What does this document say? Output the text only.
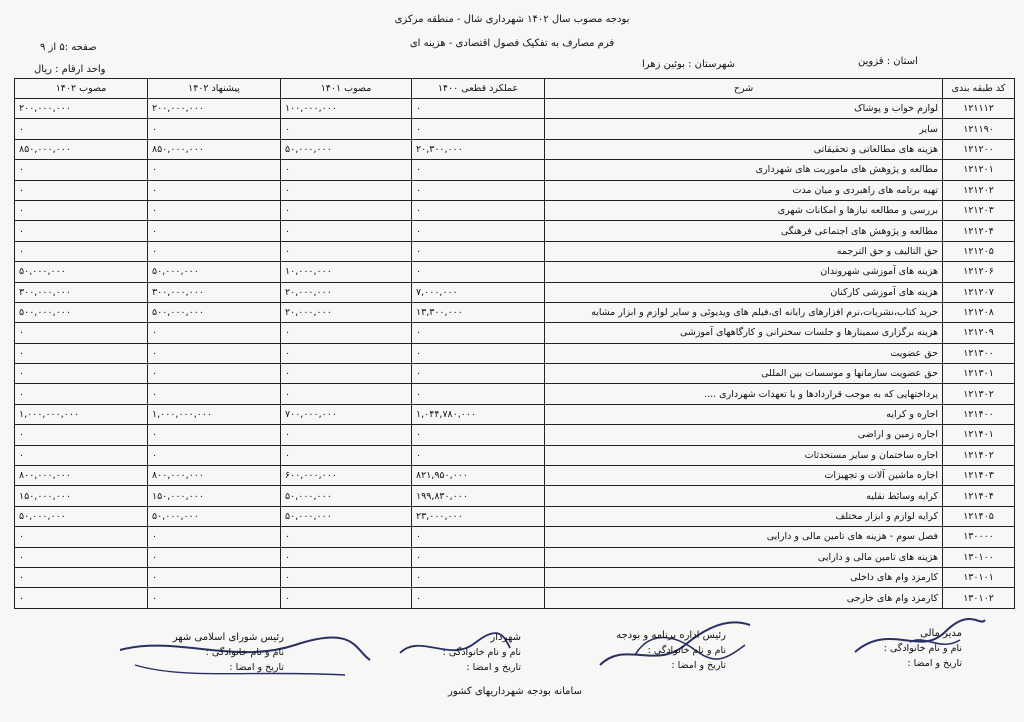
بودجه مصوب سال ۱۴۰۲ شهرداری شال - منطقه مرکزی
فرم مصارف به تفکیک فصول اقتصادی - هزینه ای
صفحه :۵ از ۹
واحد ارقام : ریال
استان : قزوین
شهرستان : بوئین زهرا
کد طبقه بندی	شرح	عملکرد قطعی ۱۴۰۰	مصوب ۱۴۰۱	پیشنهاد ۱۴۰۲	مصوب ۱۴۰۲
۱۲۱۱۱۲	لوازم خواب و پوشاک	۰	۱۰۰,۰۰۰,۰۰۰	۲۰۰,۰۰۰,۰۰۰	۲۰۰,۰۰۰,۰۰۰
۱۲۱۱۹۰	سایر	۰	۰	۰	۰
۱۲۱۲۰۰	هزینه های مطالعاتی و تحقیقاتی	۲۰,۳۰۰,۰۰۰	۵۰,۰۰۰,۰۰۰	۸۵۰,۰۰۰,۰۰۰	۸۵۰,۰۰۰,۰۰۰
۱۲۱۲۰۱	مطالعه و پژوهش های ماموریت های شهرداری	۰	۰	۰	۰
۱۲۱۲۰۲	تهیه برنامه های راهبردی و میان مدت	۰	۰	۰	۰
۱۲۱۲۰۳	بررسی و مطالعه نیازها و امکانات شهری	۰	۰	۰	۰
۱۲۱۲۰۴	مطالعه و پژوهش های اجتماعی فرهنگی	۰	۰	۰	۰
۱۲۱۲۰۵	حق التالیف و حق الترجمه	۰	۰	۰	۰
۱۲۱۲۰۶	هزینه های آموزشی شهروندان	۰	۱۰,۰۰۰,۰۰۰	۵۰,۰۰۰,۰۰۰	۵۰,۰۰۰,۰۰۰
۱۲۱۲۰۷	هزینه های آموزشی کارکنان	۷,۰۰۰,۰۰۰	۲۰,۰۰۰,۰۰۰	۳۰۰,۰۰۰,۰۰۰	۳۰۰,۰۰۰,۰۰۰
۱۲۱۲۰۸	خرید کتاب،نشریات،نرم افزارهای رایانه ای،فیلم های ویدیوئی و سایر لوازم و ابزار مشابه	۱۳,۳۰۰,۰۰۰	۲۰,۰۰۰,۰۰۰	۵۰۰,۰۰۰,۰۰۰	۵۰۰,۰۰۰,۰۰۰
۱۲۱۲۰۹	هزینه برگزاری سمینارها و جلسات سخنرانی و کارگاههای آموزشی	۰	۰	۰	۰
۱۲۱۳۰۰	حق عضویت	۰	۰	۰	۰
۱۲۱۳۰۱	حق عضویت سازمانها و موسسات بین المللی	۰	۰	۰	۰
۱۲۱۳۰۲	پرداختهایی که به موجب قراردادها و یا تعهدات شهرداری ....	۰	۰	۰	۰
۱۲۱۴۰۰	اجاره و کرایه	۱,۰۴۴,۷۸۰,۰۰۰	۷۰۰,۰۰۰,۰۰۰	۱,۰۰۰,۰۰۰,۰۰۰	۱,۰۰۰,۰۰۰,۰۰۰
۱۲۱۴۰۱	اجاره زمین و اراضی	۰	۰	۰	۰
۱۲۱۴۰۲	اجاره ساختمان و سایر مستحدثات	۰	۰	۰	۰
۱۲۱۴۰۳	اجاره ماشین آلات و تجهیزات	۸۲۱,۹۵۰,۰۰۰	۶۰۰,۰۰۰,۰۰۰	۸۰۰,۰۰۰,۰۰۰	۸۰۰,۰۰۰,۰۰۰
۱۲۱۴۰۴	کرایه وسائط نقلیه	۱۹۹,۸۳۰,۰۰۰	۵۰,۰۰۰,۰۰۰	۱۵۰,۰۰۰,۰۰۰	۱۵۰,۰۰۰,۰۰۰
۱۲۱۴۰۵	کرایه لوازم و ابزار مختلف	۲۳,۰۰۰,۰۰۰	۵۰,۰۰۰,۰۰۰	۵۰,۰۰۰,۰۰۰	۵۰,۰۰۰,۰۰۰
۱۳۰۰۰۰	فصل سوم - هزینه های تامین مالی و دارایی	۰	۰	۰	۰
۱۳۰۱۰۰	هزینه های تامین مالی و دارایی	۰	۰	۰	۰
۱۳۰۱۰۱	کارمزد وام های داخلی	۰	۰	۰	۰
۱۳۰۱۰۲	کارمزد وام های خارجی	۰	۰	۰	۰
مدیر مالی
نام و نام خانوادگی :
تاریخ و امضا :
رئیس اداره برنامه و بودجه
نام و نام خانوادگی :
تاریخ و امضا :
شهردار
نام و نام خانوادگی :
تاریخ و امضا :
رئیس شورای اسلامی شهر
نام و نام خانوادگی :
تاریخ و امضا :
سامانه بودجه شهرداریهای کشور
